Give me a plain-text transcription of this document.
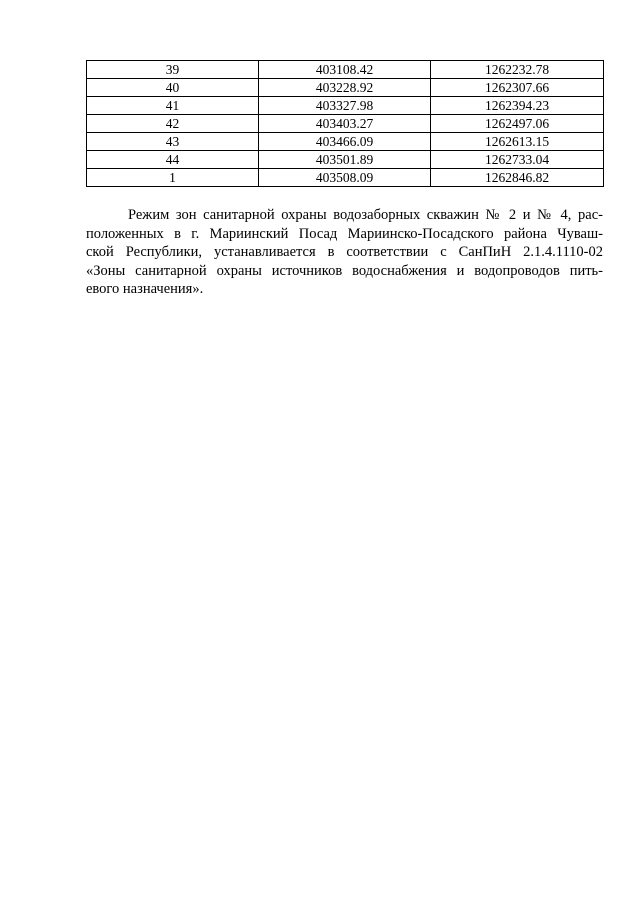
39	403108.42	1262232.78
40	403228.92	1262307.66
41	403327.98	1262394.23
42	403403.27	1262497.06
43	403466.09	1262613.15
44	403501.89	1262733.04
1	403508.09	1262846.82

Режим зон санитарной охраны водозаборных скважин № 2 и № 4, рас-
положенных в г. Мариинский Посад Мариинско-Посадского района Чуваш-
ской Республики, устанавливается в соответствии с СанПиН 2.1.4.1110-02
«Зоны санитарной охраны источников водоснабжения и водопроводов пить-
евого назначения».
